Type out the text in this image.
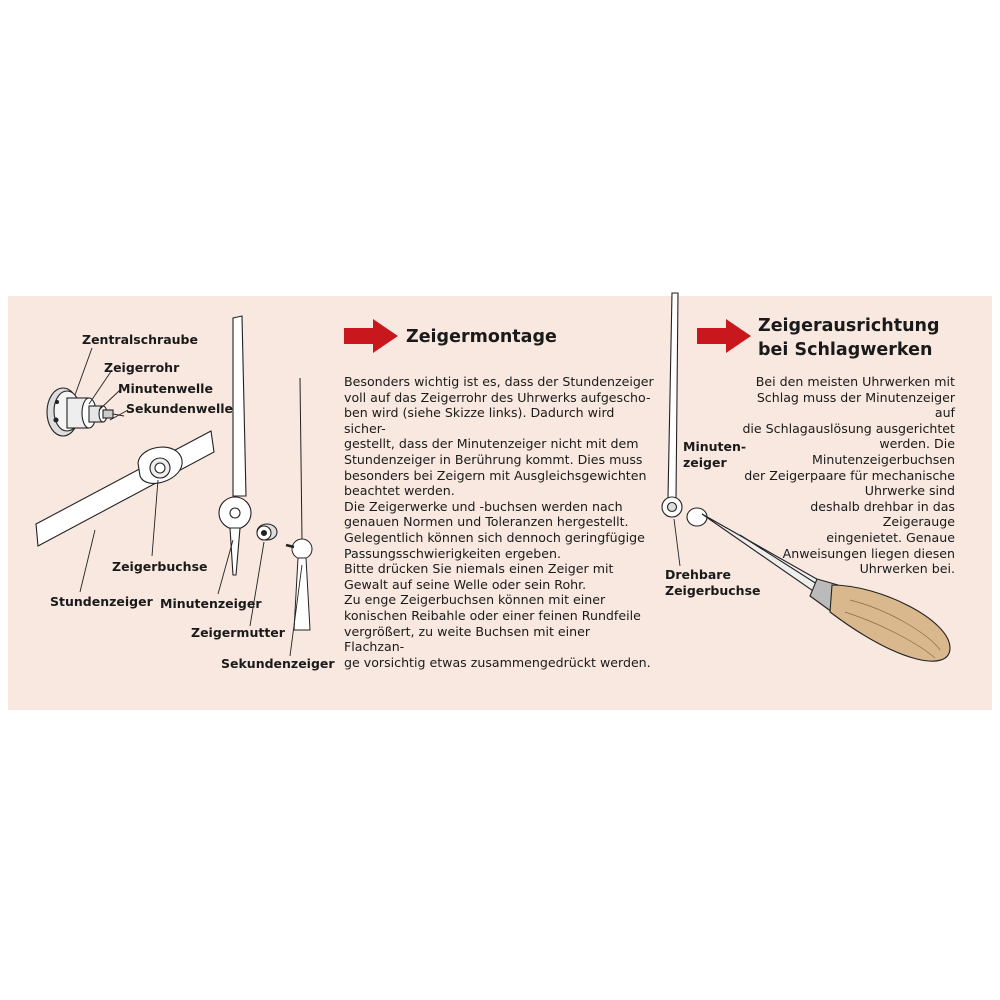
Zentralschraube
Zeigerrohr
Minutenwelle
Sekundenwelle
Zeigerbuchse
Stundenzeiger Minutenzeiger
Zeigermutter
Sekundenzeiger
Zeigermontage
Besonders wichtig ist es, dass der Stundenzeiger
voll auf das Zeigerrohr des Uhrwerks aufgescho-
ben wird (siehe Skizze links). Dadurch wird sicher-
gestellt, dass der Minutenzeiger nicht mit dem
Stundenzeiger in Berührung kommt. Dies muss
besonders bei Zeigern mit Ausgleichsgewichten
beachtet werden.
Die Zeigerwerke und -buchsen werden nach
genauen Normen und Toleranzen hergestellt.
Gelegentlich können sich dennoch geringfügige
Passungsschwierigkeiten ergeben.
Bitte drücken Sie niemals einen Zeiger mit
Gewalt auf seine Welle oder sein Rohr.
Zu enge Zeigerbuchsen können mit einer
konischen Reibahle oder einer feinen Rundfeile
vergrößert, zu weite Buchsen mit einer Flachzan-
ge vorsichtig etwas zusammengedrückt werden.
Minuten-
zeiger
Drehbare
Zeigerbuchse
Zeigerausrichtung
bei Schlagwerken
Bei den meisten Uhrwerken mit
Schlag muss der Minutenzeiger auf
die Schlagauslösung ausgerichtet
werden. Die Minutenzeigerbuchsen
der Zeigerpaare für mechanische
Uhrwerke sind
deshalb drehbar in das Zeigerauge
eingenietet. Genaue
Anweisungen liegen diesen
Uhrwerken bei.
